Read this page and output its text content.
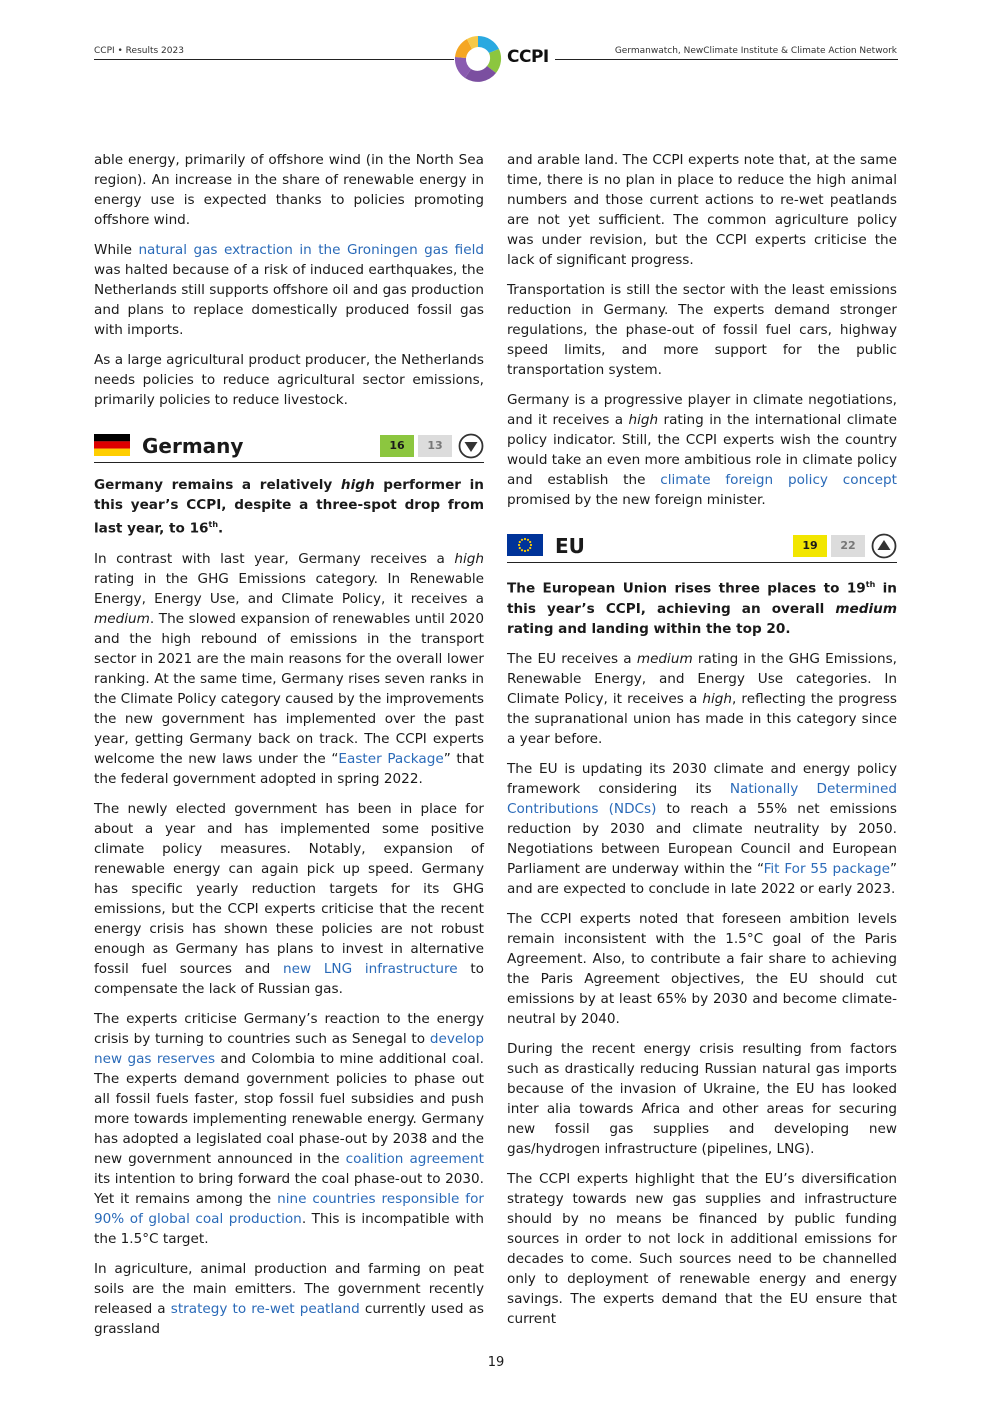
CCPI • Results 2023	CCPI	Germanwatch, NewClimate Institute & Climate Action Network

able energy, primarily of offshore wind (in the North Sea region). An increase in the share of renewable energy in energy use is expected thanks to policies promoting offshore wind.

While natural gas extraction in the Groningen gas field was halted because of a risk of induced earthquakes, the Netherlands still supports offshore oil and gas production and plans to replace domestically produced fossil gas with imports.

As a large agricultural product producer, the Netherlands needs policies to reduce agricultural sector emissions, primarily policies to reduce livestock.

Germany	16	13

Germany remains a relatively high performer in this year’s CCPI, despite a three-spot drop from last year, to 16th.

In contrast with last year, Germany receives a high rating in the GHG Emissions category. In Renewable Energy, Energy Use, and Climate Policy, it receives a medium. The slowed expansion of renewables until 2020 and the high rebound of emissions in the transport sector in 2021 are the main reasons for the overall lower ranking. At the same time, Germany rises seven ranks in the Climate Policy category caused by the improvements the new government has implemented over the past year, getting Germany back on track. The CCPI experts welcome the new laws under the “Easter Package” that the federal government adopted in spring 2022.

The newly elected government has been in place for about a year and has implemented some positive climate policy measures. Notably, expansion of renewable energy can again pick up speed. Germany has specific yearly reduction targets for its GHG emissions, but the CCPI experts criticise that the recent energy crisis has shown these policies are not robust enough as Germany has plans to invest in alternative fossil fuel sources and new LNG infrastructure to compensate the lack of Russian gas.

The experts criticise Germany’s reaction to the energy crisis by turning to countries such as Senegal to develop new gas reserves and Colombia to mine additional coal. The experts demand government policies to phase out all fossil fuels faster, stop fossil fuel subsidies and push more towards implementing renewable energy. Germany has adopted a legislated coal phase-out by 2038 and the new government announced in the coalition agreement its intention to bring forward the coal phase-out to 2030. Yet it remains among the nine countries responsible for 90% of global coal production. This is incompatible with the 1.5°C target.

In agriculture, animal production and farming on peat soils are the main emitters. The government recently released a strategy to re-wet peatland currently used as grassland

and arable land. The CCPI experts note that, at the same time, there is no plan in place to reduce the high animal numbers and those current actions to re-wet peatlands are not yet sufficient. The common agriculture policy was under revision, but the CCPI experts criticise the lack of significant progress.

Transportation is still the sector with the least emissions reduction in Germany. The experts demand stronger regulations, the phase-out of fossil fuel cars, highway speed limits, and more support for the public transportation system.

Germany is a progressive player in climate negotiations, and it receives a high rating in the international climate policy indicator. Still, the CCPI experts wish the country would take an even more ambitious role in climate policy and establish the climate foreign policy concept promised by the new foreign minister.

EU	19	22

The European Union rises three places to 19th in this year’s CCPI, achieving an overall medium rating and landing within the top 20.

The EU receives a medium rating in the GHG Emissions, Renewable Energy, and Energy Use categories. In Climate Policy, it receives a high, reflecting the progress the supranational union has made in this category since a year before.

The EU is updating its 2030 climate and energy policy framework considering its Nationally Determined Contributions (NDCs) to reach a 55% net emissions reduction by 2030 and climate neutrality by 2050. Negotiations between European Council and European Parliament are underway within the “Fit For 55 package” and are expected to conclude in late 2022 or early 2023.

The CCPI experts noted that foreseen ambition levels remain inconsistent with the 1.5°C goal of the Paris Agreement. Also, to contribute a fair share to achieving the Paris Agreement objectives, the EU should cut emissions by at least 65% by 2030 and become climate-neutral by 2040.

During the recent energy crisis resulting from factors such as drastically reducing Russian natural gas imports because of the invasion of Ukraine, the EU has looked inter alia towards Africa and other areas for securing new fossil gas supplies and developing new gas/hydrogen infrastructure (pipelines, LNG).

The CCPI experts highlight that the EU’s diversification strategy towards new gas supplies and infrastructure should by no means be financed by public funding sources in order to not lock in additional emissions for decades to come. Such sources need to be channelled only to deployment of renewable energy and energy savings. The experts demand that the EU ensure that current

19
